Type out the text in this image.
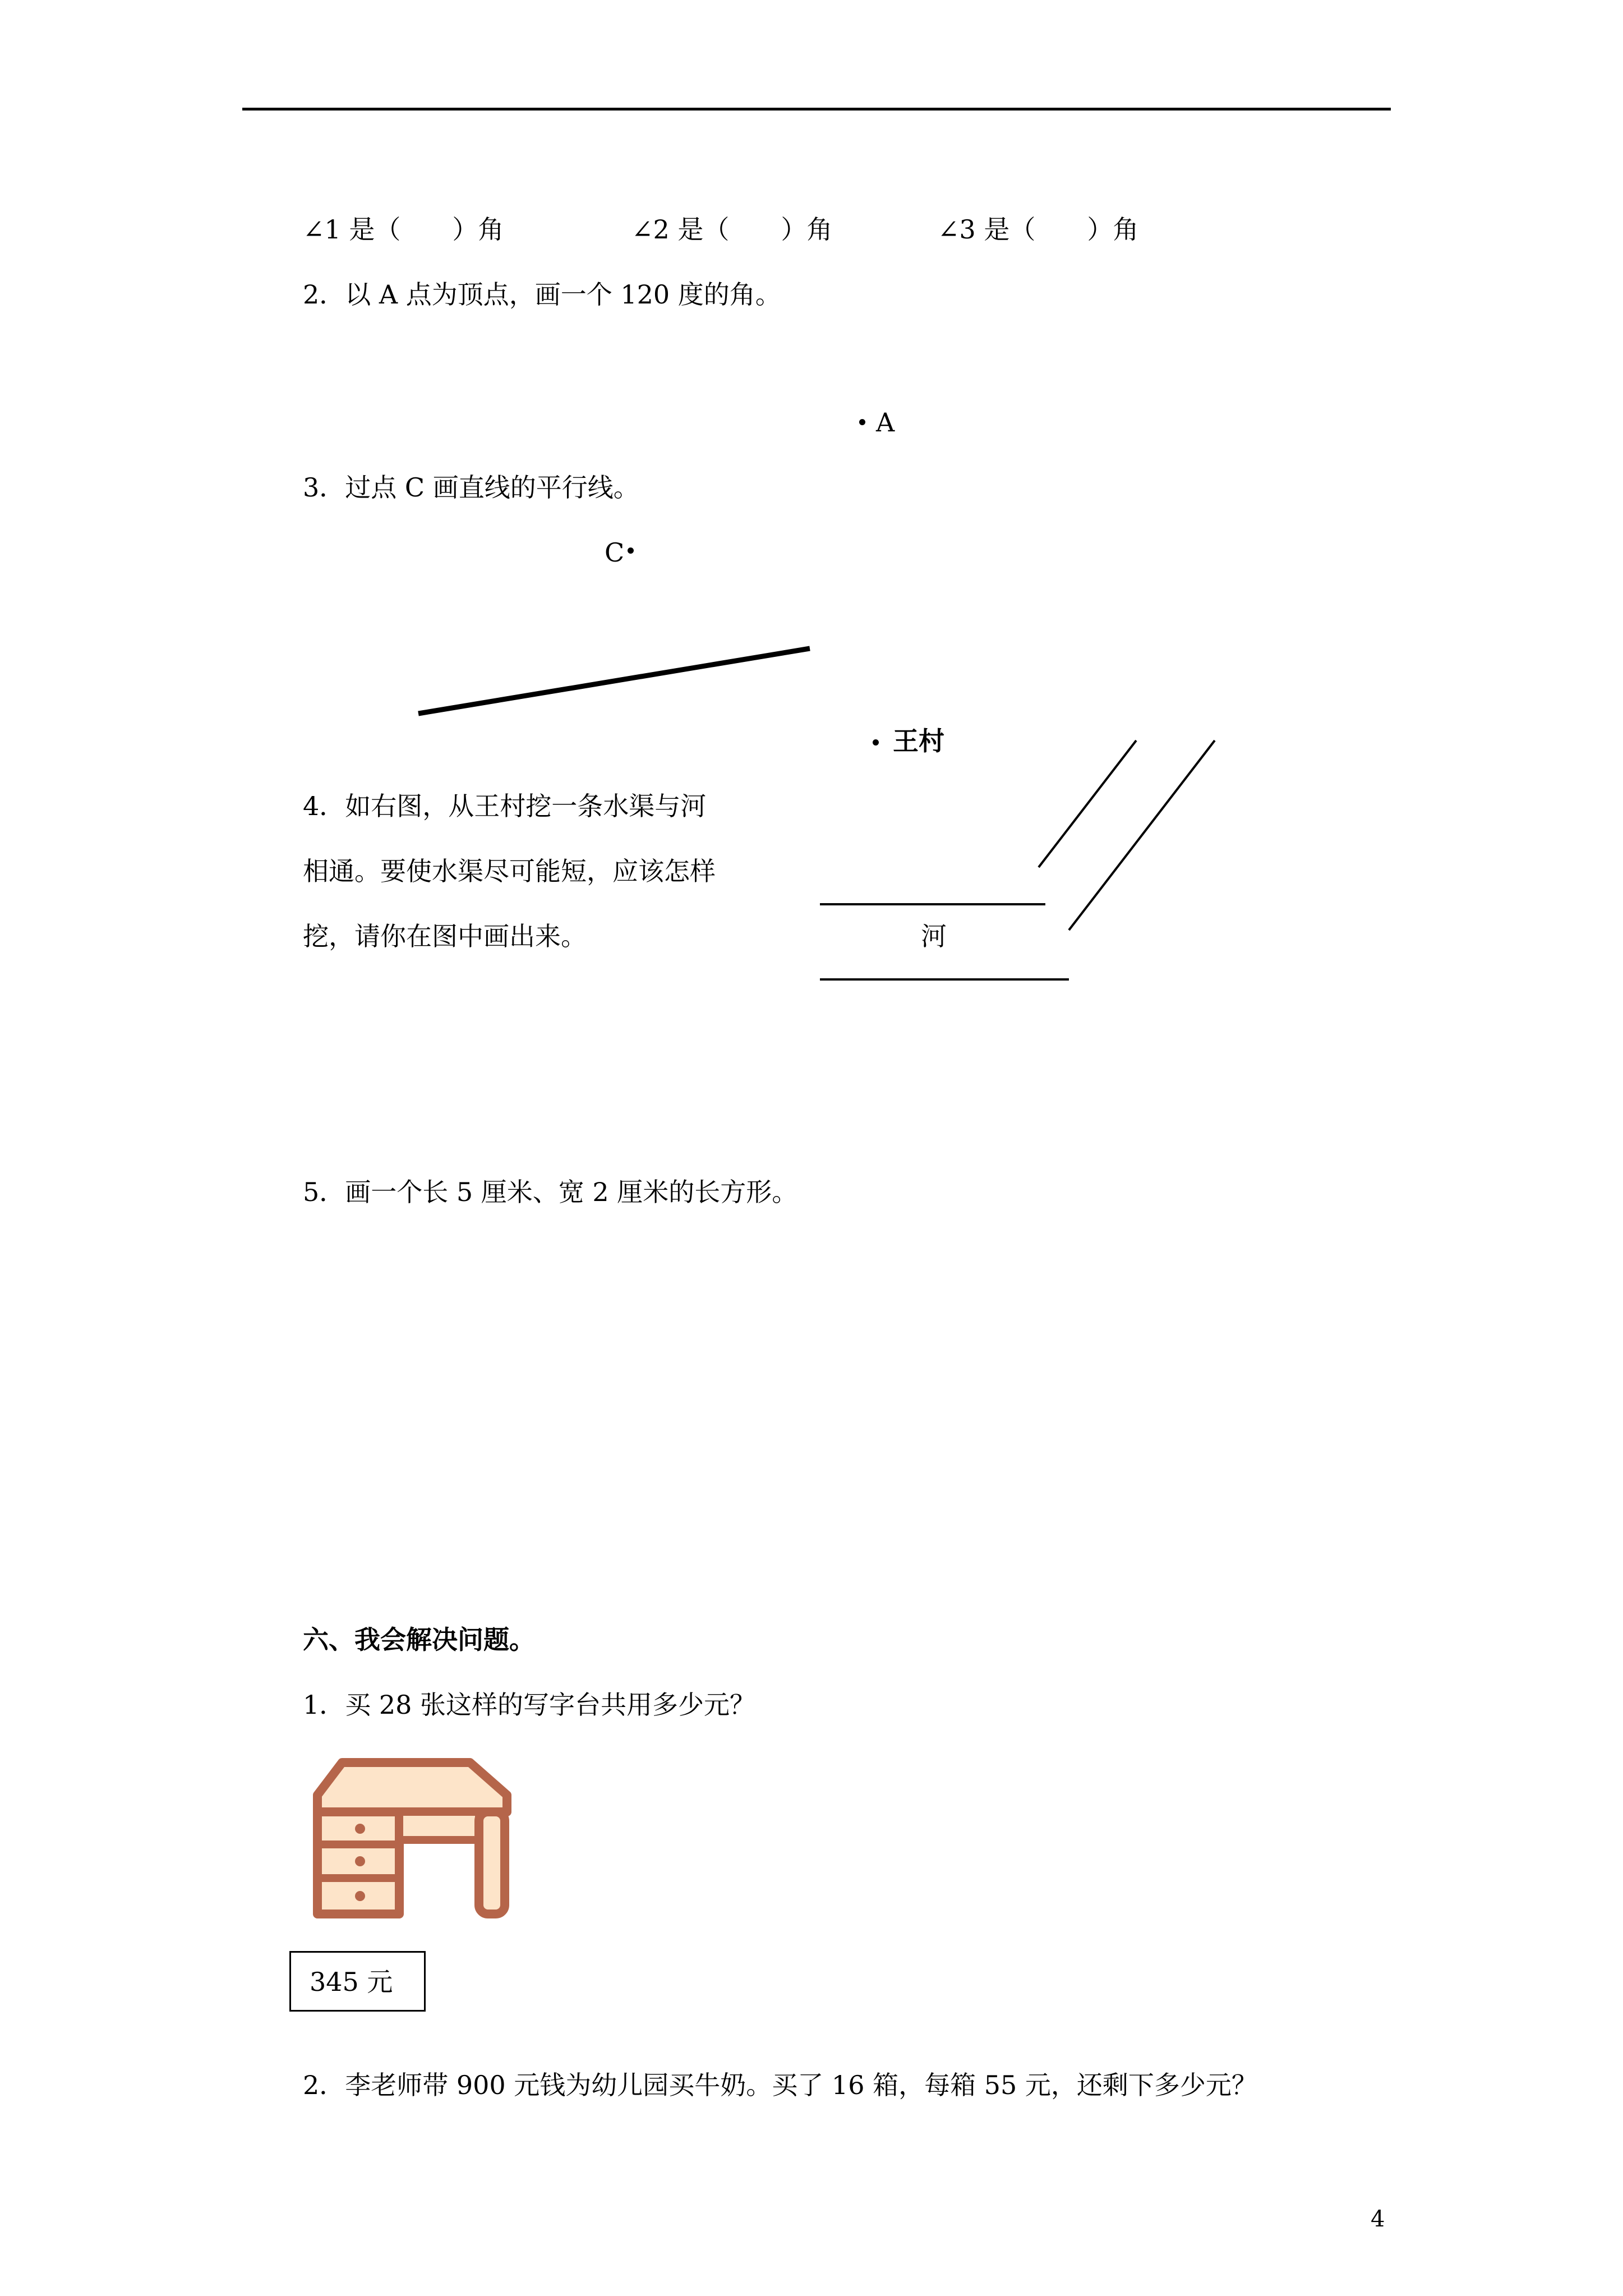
∠1 是（　　）角	∠2 是（　　）角	∠3 是（　　）角
2．以 A 点为顶点，画一个 120 度的角。
A
3．过点 C 画直线的平行线。
C
王村
4．如右图，从王村挖一条水渠与河
相通。要使水渠尽可能短，应该怎样
挖，请你在图中画出来。	河
5．画一个长 5 厘米、宽 2 厘米的长方形。
六、我会解决问题。
1．买 28 张这样的写字台共用多少元？
345 元
2．李老师带 900 元钱为幼儿园买牛奶。买了 16 箱，每箱 55 元，还剩下多少元？
4
